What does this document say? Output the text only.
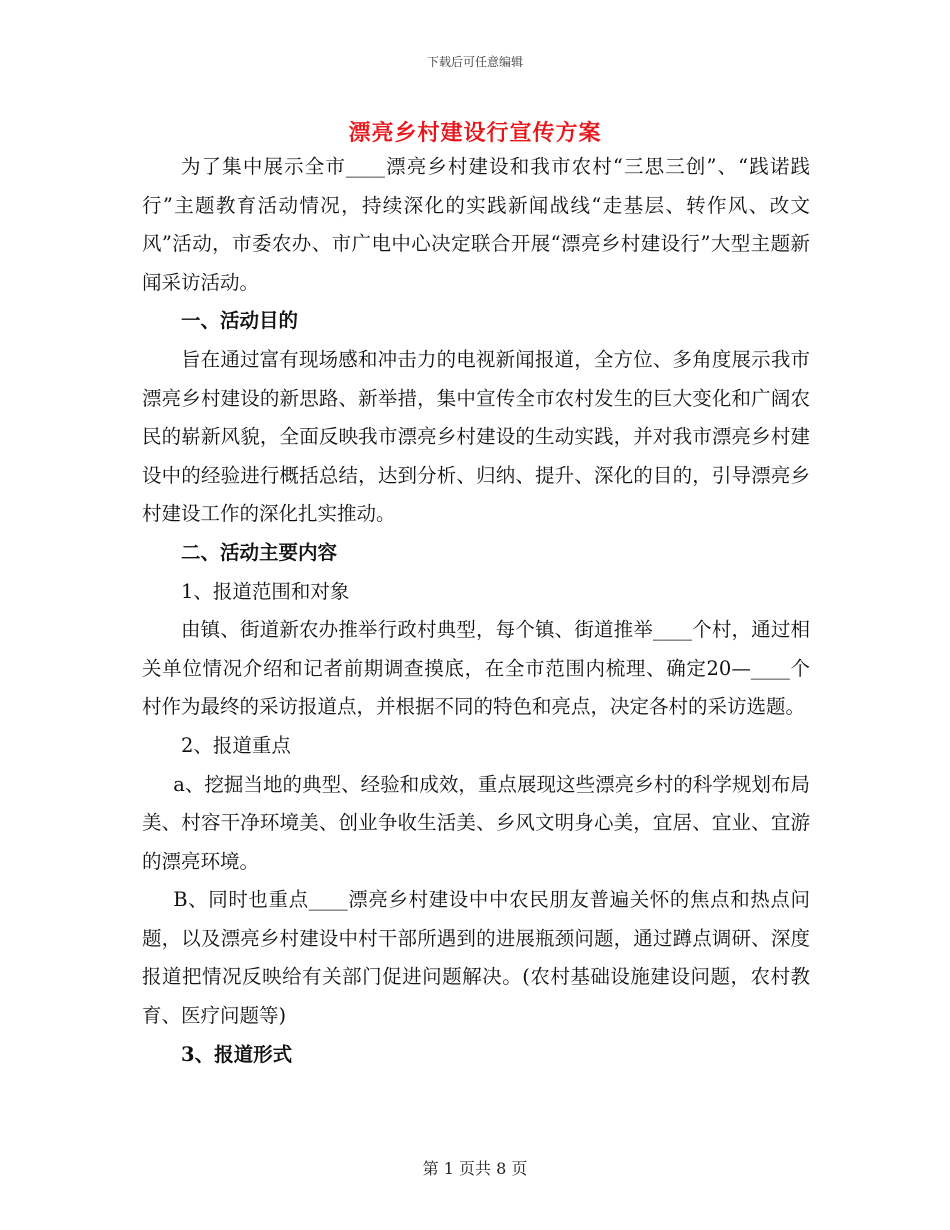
下载后可任意编辑
漂亮乡村建设行宣传方案

为了集中展示全市____漂亮乡村建设和我市农村“三思三创”、“践诺践行”主题教育活动情况，持续深化的实践新闻战线“走基层、转作风、改文风”活动，市委农办、市广电中心决定联合开展“漂亮乡村建设行”大型主题新闻采访活动。

一、活动目的

旨在通过富有现场感和冲击力的电视新闻报道，全方位、多角度展示我市漂亮乡村建设的新思路、新举措，集中宣传全市农村发生的巨大变化和广阔农民的崭新风貌，全面反映我市漂亮乡村建设的生动实践，并对我市漂亮乡村建设中的经验进行概括总结，达到分析、归纳、提升、深化的目的，引导漂亮乡村建设工作的深化扎实推动。

二、活动主要内容

1、报道范围和对象

由镇、街道新农办推举行政村典型，每个镇、街道推举____个村，通过相关单位情况介绍和记者前期调查摸底，在全市范围内梳理、确定20—____个村作为最终的采访报道点，并根据不同的特色和亮点，决定各村的采访选题。

2、报道重点

a、挖掘当地的典型、经验和成效，重点展现这些漂亮乡村的科学规划布局美、村容干净环境美、创业争收生活美、乡风文明身心美，宜居、宜业、宜游的漂亮环境。

B、同时也重点____漂亮乡村建设中中农民朋友普遍关怀的焦点和热点问题，以及漂亮乡村建设中村干部所遇到的进展瓶颈问题，通过蹲点调研、深度报道把情况反映给有关部门促进问题解决。(农村基础设施建设问题，农村教育、医疗问题等)

3、报道形式

第 1 页共 8 页
